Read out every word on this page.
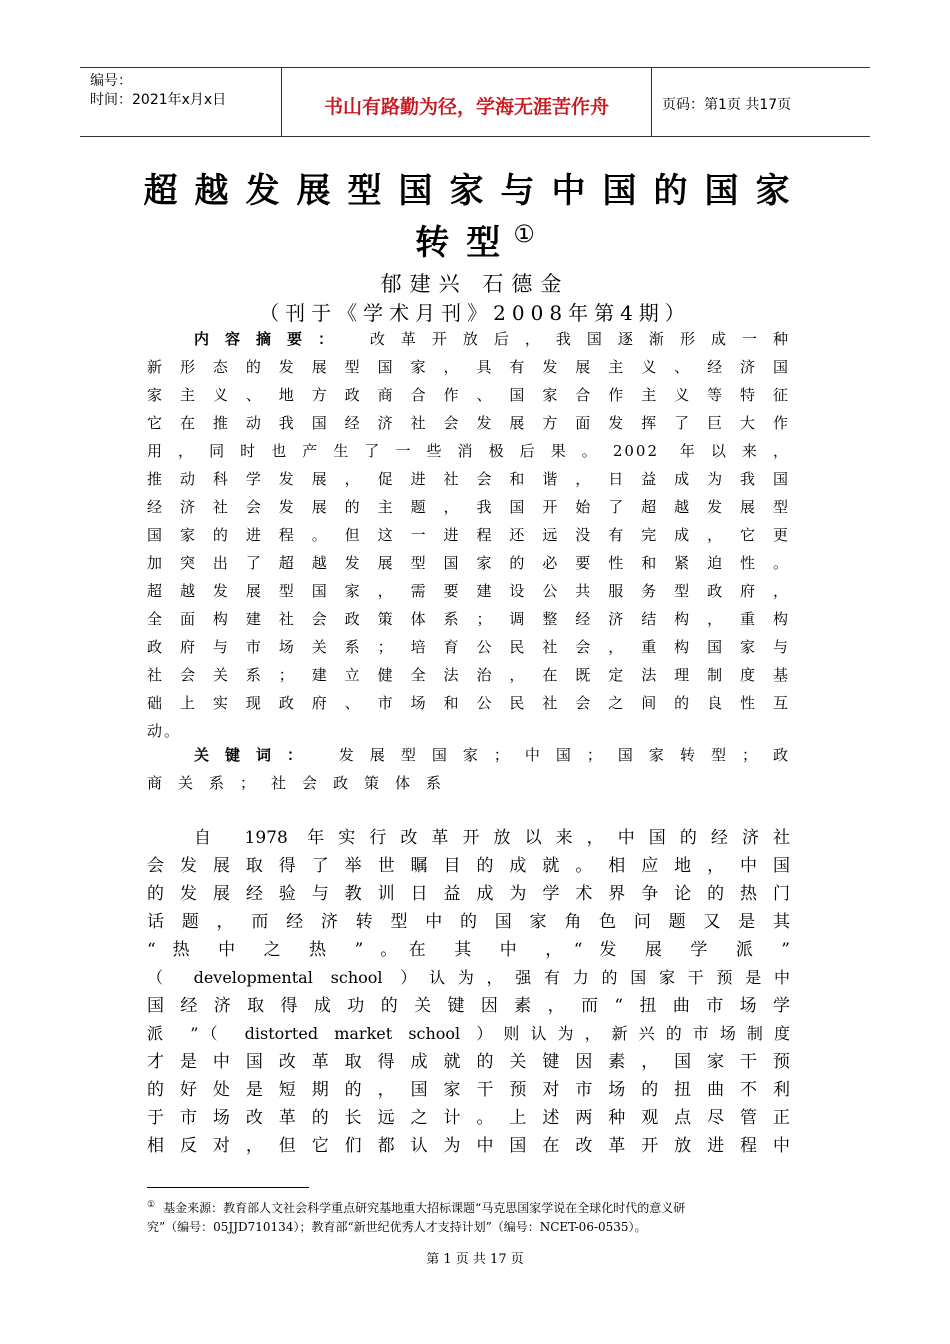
编号：
时间：2021年x月x日	书山有路勤为径，学海无涯苦作舟	页码：第1页 共17页
超越发展型国家与中国的国家
转型①
郁建兴 石德金
（刊于《学术月刊》2008年第4期）
内容摘要： 改革开放后，我国逐渐形成一种
新形态的发展型国家，具有发展主义、经济国
家主义、地方政商合作、国家合作主义等特征
它在推动我国经济社会发展方面发挥了巨大作
用，同时也产生了一些消极后果。2002 年以来，
推动科学发展，促进社会和谐，日益成为我国
经济社会发展的主题，我国开始了超越发展型
国家的进程。但这一进程还远没有完成，它更
加突出了超越发展型国家的必要性和紧迫性。
超越发展型国家，需要建设公共服务型政府，
全面构建社会政策体系；调整经济结构，重构
政府与市场关系；培育公民社会，重构国家与
社会关系；建立健全法治，在既定法理制度基
础上实现政府、市场和公民社会之间的良性互
动。
关键词： 发展型国家；中国；国家转型；政
商关系；社会政策体系
自 1978 年实行改革开放以来，中国的经济社
会发展取得了举世瞩目的成就。相应地，中国
的发展经验与教训日益成为学术界争论的热门
话题，而经济转型中的国家角色问题又是其
“ 热 中 之 热 ” 。在 其 中 ，“ 发 展 学 派 ”
（ developmental school ）认为，强有力的国家干预是中
国经济取得成功的关键因素，而“扭曲市场学
派 ”（ distorted market school ）则认为，新兴的市场制度
才是中国改革取得成就的关键因素，国家干预
的好处是短期的，国家干预对市场的扭曲不利
于市场改革的长远之计。上述两种观点尽管正
相反对，但它们都认为中国在改革开放进程中
① 基金来源：教育部人文社会科学重点研究基地重大招标课题“马克思国家学说在全球化时代的意义研
究”（编号：05JJD710134）；教育部“新世纪优秀人才支持计划”（编号：NCET-06-0535）。
第 1 页 共 17 页
